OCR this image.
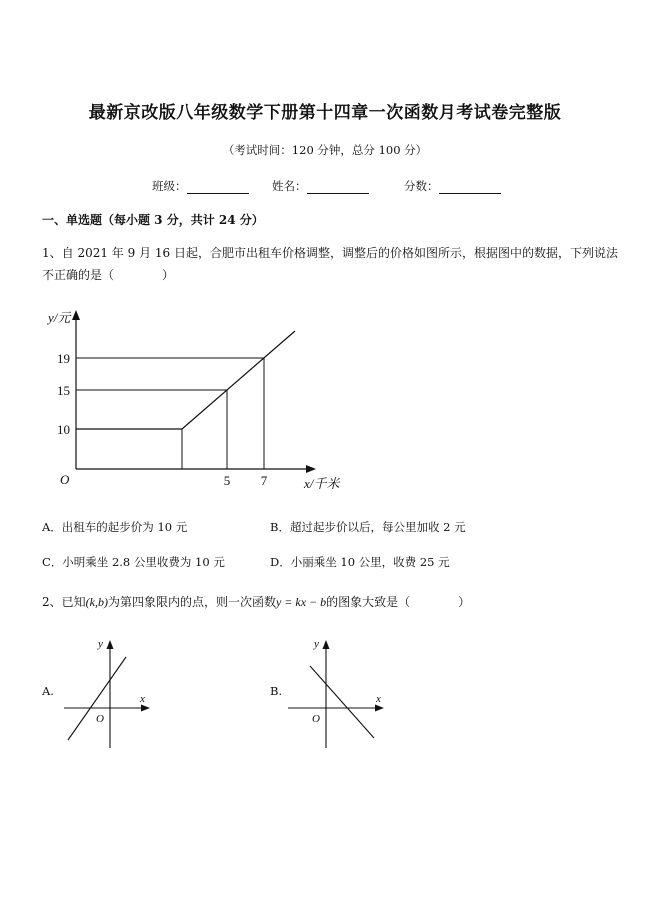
最新京改版八年级数学下册第十四章一次函数月考试卷完整版
（考试时间：120 分钟，总分 100 分）
班级：	姓名：	分数：
一、单选题（每小题 3 分，共计 24 分）
1、自 2021 年 9 月 16 日起，合肥市出租车价格调整，调整后的价格如图所示，根据图中的数据，下列说法
不正确的是（　　　　）
y/元
x/千米
O
19
15
10
5 7
A．出租车的起步价为 10 元	B．超过起步价以后，每公里加收 2 元
C．小明乘坐 2.8 公里收费为 10 元	D．小丽乘坐 10 公里，收费 25 元
2、已知(k,b)为第四象限内的点，则一次函数y = kx − b的图象大致是（　　　　）
A.
y
x
O
B.
y
x
O
